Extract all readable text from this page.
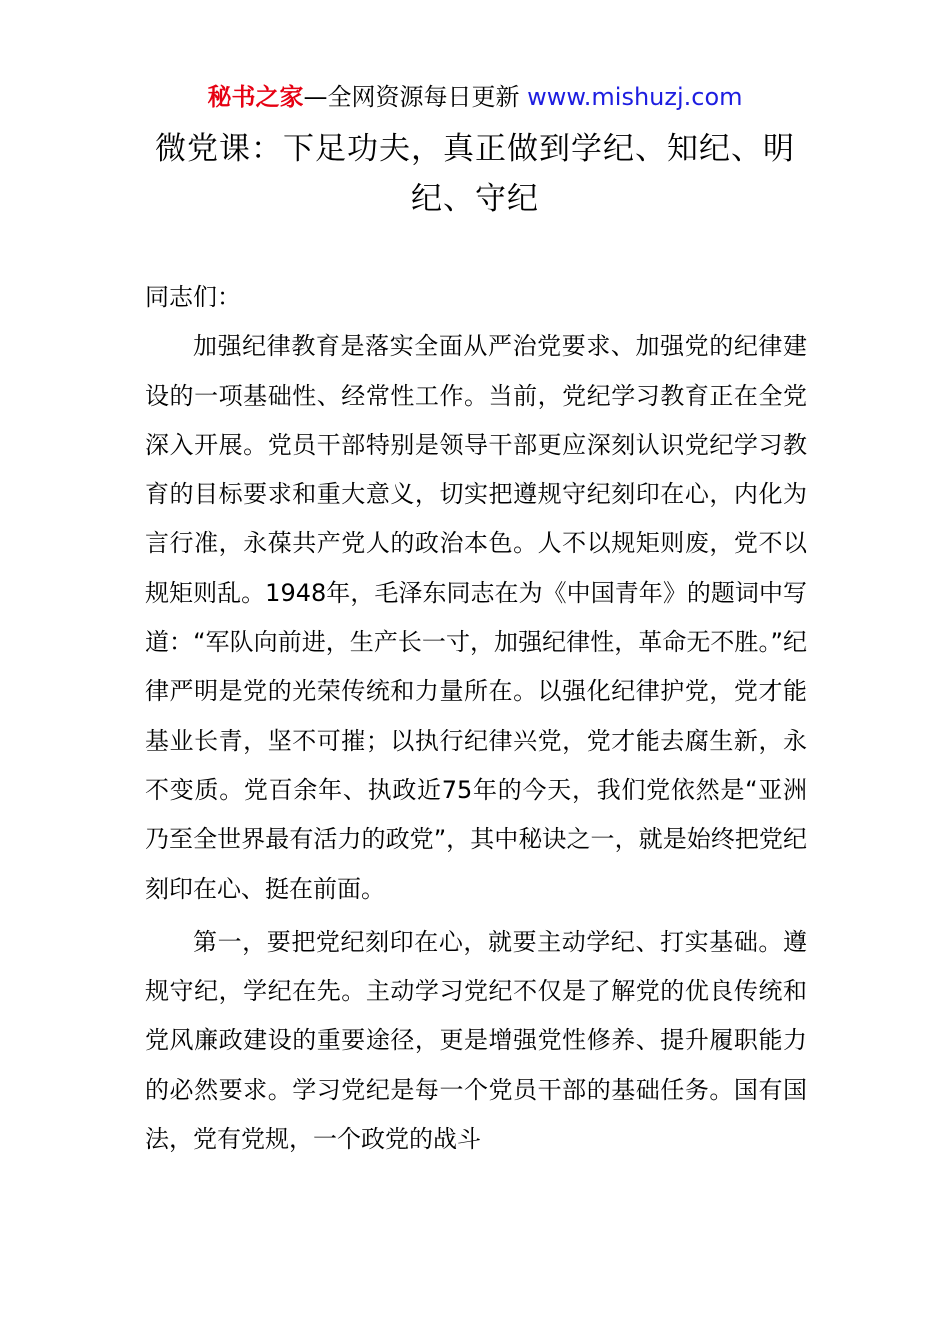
秘书之家—全网资源每日更新 www.mishuzj.com
微党课：下足功夫，真正做到学纪、知纪、明纪、守纪

同志们：

加强纪律教育是落实全面从严治党要求、加强党的纪律建设的一项基础性、经常性工作。当前，党纪学习教育正在全党深入开展。党员干部特别是领导干部更应深刻认识党纪学习教育的目标要求和重大意义，切实把遵规守纪刻印在心，内化为言行准，永葆共产党人的政治本色。人不以规矩则废，党不以规矩则乱。1948年，毛泽东同志在为《中国青年》的题词中写道：“军队向前进，生产长一寸，加强纪律性，革命无不胜。”纪律严明是党的光荣传统和力量所在。以强化纪律护党，党才能基业长青，坚不可摧；以执行纪律兴党，党才能去腐生新，永不变质。党百余年、执政近75年的今天，我们党依然是“亚洲乃至全世界最有活力的政党”，其中秘诀之一，就是始终把党纪刻印在心、挺在前面。

第一，要把党纪刻印在心，就要主动学纪、打实基础。遵规守纪，学纪在先。主动学习党纪不仅是了解党的优良传统和党风廉政建设的重要途径，更是增强党性修养、提升履职能力的必然要求。学习党纪是每一个党员干部的基础任务。国有国法，党有党规，一个政党的战斗
